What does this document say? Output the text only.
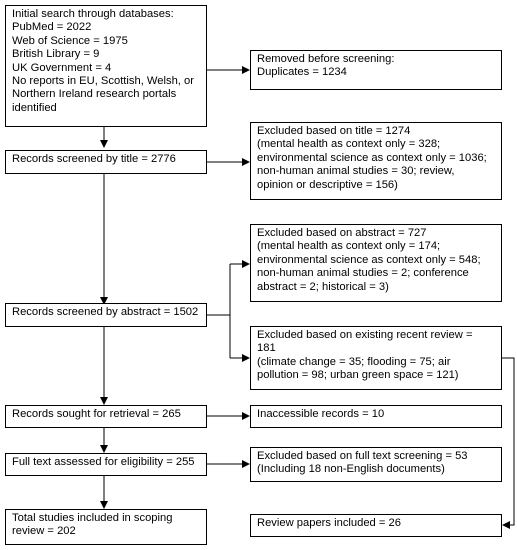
Initial search through databases:
PubMed = 2022
Web of Science = 1975
British Library = 9
UK Government = 4
No reports in EU, Scottish, Welsh, or
Northern Ireland research portals
identified
Removed before screening:
Duplicates = 1234
Records screened by title = 2776
Excluded based on title = 1274
(mental health as context only = 328;
environmental science as context only = 1036;
non-human animal studies = 30; review,
opinion or descriptive = 156)
Excluded based on abstract = 727
(mental health as context only = 174;
environmental science as context only = 548;
non-human animal studies = 2; conference
abstract = 2; historical = 3)
Records screened by abstract = 1502
Excluded based on existing recent review =
181
(climate change = 35; flooding = 75; air
pollution = 98; urban green space = 121)
Records sought for retrieval = 265	Inaccessible records = 10
Full text assessed for eligibility = 255	Excluded based on full text screening = 53
(Including 18 non-English documents)
Total studies included in scoping
review = 202
Review papers included = 26
